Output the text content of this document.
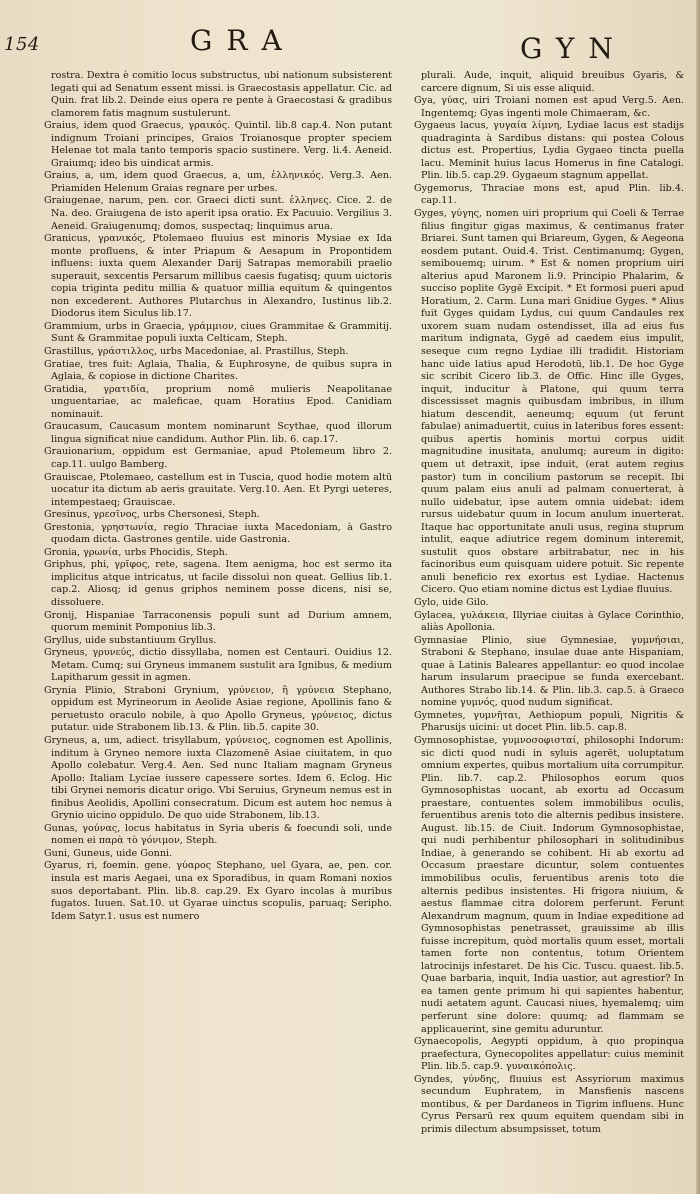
154	GRA	GYN

rostra. Dextra è comitio locus substructus, ubi nationum subsisterent legati qui ad Senatum essent missi. is Graecostasis appellatur. Cic. ad Quin. frat lib.2. Deinde eius opera re pente à Graecostasi & gradibus clamorem fatis magnum sustulerunt.

Graius, idem quod Graecus, γραικός. Quintil. lib.8 cap.4. Non putant indignum Troiani principes, Graios Troianosque propter speciem Helenae tot mala tanto temporis spacio sustinere. Verg. li.4. Aeneid. Graiumq; ideo bis uindicat armis.

Graius, a, um, idem quod Graecus, a, um, ἑλληνικός. Verg.3. Aen. Priamiden Helenum Graias regnare per urbes.

Graiugenae, narum, pen. cor. Graeci dicti sunt. ἑλληνες. Cice. 2. de Na. deo. Graiugena de isto aperit ipsa oratio. Ex Pacuuio. Vergilius 3. Aeneid. Graiugenumq; domos, suspectaq; linquimus arua.

Granicus, γρανικός, Ptolemaeo fluuius est minoris Mysiae ex Ida monte profluens, & inter Priapum & Aesapum in Propontidem influens: iuxta quem Alexander Darij Satrapas memorabili praelio superauit, sexcentis Persarum millibus caesis fugatisq; quum uictoris copia triginta peditu millia & quatuor millia equitum & quingentos non excederent. Authores Plutarchus in Alexandro, Iustinus lib.2. Diodorus item Siculus lib.17.

Grammium, urbs in Graecia, γράμμιον, ciues Grammitae & Grammitij. Sunt & Grammitae populi iuxta Celticam, Steph.

Grastillus, γράστιλλος, urbs Macedoniae, al. Prastillus, Steph.

Gratiae, tres fuit: Aglaia, Thalia, & Euphrosyne, de quibus supra in Aglaia, & copiose in dictione Charites.

Gratidia, γρατιδία, proprium nomē mulieris Neapolitanae unguentariae, ac maleficae, quam Horatius Epod. Canidiam nominauit.

Graucasum, Caucasum montem nominarunt Scythae, quod illorum lingua significat niue candidum. Author Plin. lib. 6. cap.17.

Grauionarium, oppidum est Germaniae, apud Ptolemeum libro 2. cap.11. uulgo Bamberg.

Grauiscae, Ptolemaeo, castellum est in Tuscia, quod hodie motem altū uocatur ita dictum ab aeris grauitate. Verg.10. Aen. Et Pyrgi ueteres, intempestaeq; Grauiscae.

Gresinus, γρεσῖνος, urbs Chersonesi, Steph.

Grestonia, γρηστωνία, regio Thraciae iuxta Macedoniam, à Gastro quodam dicta. Gastrones gentile. uide Gastronia.

Gronia, γρωνία, urbs Phocidis, Steph.

Griphus, phi, γρῖφος, rete, sagena. Item aenigma, hoc est sermo ita implicitus atque intricatus, ut facile dissolui non queat. Gellius lib.1. cap.2. Aliosq; id genus griphos neminem posse dicens, nisi se, dissoluere.

Gronij, Hispaniae Tarraconensis populi sunt ad Durium amnem, quorum meminit Pomponius lib.3.

Gryllus, uide substantiuum Gryllus.

Gryneus, γρυνεύς, dictio dissyllaba, nomen est Centauri. Ouidius 12. Metam. Cumq; sui Gryneus immanem sustulit ara Ignibus, & medium Lapitharum gessit in agmen.

Grynia Plinio, Straboni Grynium, γρύνειον, ἢ γρύνεια Stephano, oppidum est Myrineorum in Aeolide Asiae regione, Apollinis fano & peruetusto oraculo nobile, à quo Apollo Gryneus, γρύνειος, dictus putatur. uide Strabonem lib.13. & Plin. lib.5. capite 30.

Gryneus, a, um, adiect. trisyllabum, γρύνειος, cognomen est Apollinis, inditum à Gryneo nemore iuxta Clazomenē Asiae ciuitatem, in quo Apollo colebatur. Verg.4. Aen. Sed nunc Italiam magnam Gryneus Apollo: Italiam Lyciae iussere capessere sortes. Idem 6. Eclog. Hic tibi Grynei nemoris dicatur origo. Vbi Seruius, Gryneum nemus est in finibus Aeolidis, Apollini consecratum. Dicum est autem hoc nemus à Grynio uicino oppidulo. De quo uide Strabonem, lib.13.

Gunas, γούνας, locus habitatus in Syria uberis & foecundi soli, unde nomen ei παρὰ τὸ γόνιμον, Steph.

Guni, Guneus, uide Gonni.

Gyarus, ri, foemin. gene. γύαρος Stephano, uel Gyara, ae, pen. cor. insula est maris Aegaei, una ex Sporadibus, in quam Romani noxios suos deportabant. Plin. lib.8. cap.29. Ex Gyaro incolas à muribus fugatos. Iuuen. Sat.10. ut Gyarae uinctus scopulis, paruaq; Seripho. Idem Satyr.1. usus est numero

plurali. Aude, inquit, aliquid breuibus Gyaris, & carcere dignum, Si uis esse aliquid.

Gya, γύας, uiri Troiani nomen est apud Verg.5. Aen. Ingentemq; Gyas ingenti mole Chimaeram, &c.

Gygaeus lacus, γυγαία λίμνη, Lydiae lacus est stadijs quadraginta à Sardibus distans: qui postea Colous dictus est. Propertius, Lydia Gygaeo tincta puella lacu. Meminit huius lacus Homerus in fine Catalogi. Plin. lib.5. cap.29. Gygaeum stagnum appellat.

Gygemorus, Thraciae mons est, apud Plin. lib.4. cap.11.

Gyges, γύγης, nomen uiri proprium qui Coeli & Terrae filius fingitur gigas maximus, & centimanus frater Briarei. Sunt tamen qui Briareum, Gygen, & Aegeona eosdem putant. Ouid.4. Trist. Centimanumq; Gygen, semibouemq; uirum. * Est & nomen proprium uiri alterius apud Maronem li.9. Principio Phalarim, & succiso poplite Gygē Excipit. * Et formosi pueri apud Horatium, 2. Carm. Luna mari Gnidiue Gyges. * Alius fuit Gyges quidam Lydus, cui quum Candaules rex uxorem suam nudam ostendisset, illa ad eius fus maritum indignata, Gygē ad caedem eius impulit, seseque cum regno Lydiae illi tradidit. Historiam hanc uide latius apud Herodotū, lib.1. De hoc Gyge sic scribit Cicero lib.3. de Offic. Hinc ille Gyges, inquit, inducitur à Platone, qui quum terra discessisset magnis quibusdam imbribus, in illum hiatum descendit, aeneumq; equum (ut ferunt fabulae) animaduertit, cuius in lateribus fores essent: quibus apertis hominis mortui corpus uidit magnitudine inusitata, anulumq; aureum in digito: quem ut detraxit, ipse induit, (erat autem regius pastor) tum in concilium pastorum se recepit. Ibi quum palam eius anuli ad palmam conuerterat, à nullo uidebatur, ipse autem omnia uidebat: idem rursus uidebatur quum in locum anulum inuerterat. Itaque hac opportunitate anuli usus, regina stuprum intulit, eaque adiutrice regem dominum interemit, sustulit quos obstare arbitrabatur, nec in his facinoribus eum quisquam uidere potuit. Sic repente anuli beneficio rex exortus est Lydiae. Hactenus Cicero. Quo etiam nomine dictus est Lydiae fluuius.

Gylo, uide Gilo.

Gylacea, γυλάκεια, Illyriae ciuitas à Gylace Corinthio, aliàs Apollonia.

Gymnasiae Plinio, siue Gymnesiae, γυμνήσιαι, Straboni & Stephano, insulae duae ante Hispaniam, quae à Latinis Baleares appellantur: eo quod incolae harum insularum praecipue se funda exercebant. Authores Strabo lib.14. & Plin. lib.3. cap.5. à Graeco nomine γυμνός, quod nudum significat.

Gymnetes, γυμνῆται, Aethiopum populi, Nigritis & Pharusijs uicini: ut docet Plin. lib.5. cap.8.

Gymnosophistae, γυμνοσοφισταί, philosophi Indorum: sic dicti quod nudi in syluis agerēt, uoluptatum omnium expertes, quibus mortalium uita corrumpitur. Plin. lib.7. cap.2. Philosophos eorum quos Gymnosophistas uocant, ab exortu ad Occasum praestare, contuentes solem immobilibus oculis, feruentibus arenis toto die alternis pedibus insistere. August. lib.15. de Ciuit. Indorum Gymnosophistae, qui nudi perhibentur philosophari in solitudinibus Indiae, à generando se cohibent. Hi ab exortu ad Occasum praestare dicuntur, solem contuentes immobilibus oculis, feruentibus arenis toto die alternis pedibus insistentes. Hi frigora niuium, & aestus flammae citra dolorem perferunt. Ferunt Alexandrum magnum, quum in Indiae expeditione ad Gymnosophistas penetrasset, grauissime ab illis fuisse increpitum, quòd mortalis quum esset, mortali tamen forte non contentus, totum Orientem latrocinijs infestaret. De his Cic. Tuscu. quaest. lib.5. Quae barbaria, inquit, India uastior, aut agrestior? In ea tamen gente primum hi qui sapientes habentur, nudi aetatem agunt. Caucasi niues, hyemalemq; uim perferunt sine dolore: quumq; ad flammam se applicauerint, sine gemitu aduruntur.

Gynaecopolis, Aegypti oppidum, à quo propinqua praefectura, Gynecopolites appellatur: cuius meminit Plin. lib.5. cap.9. γυναικόπολις.

Gyndes, γύνδης, fluuius est Assyriorum maximus secundum Euphratem, in Mansfienis nascens montibus, & per Dardaneos in Tigrim influens. Hunc Cyrus Persarū rex quum equitem quendam sibi in primis dilectum absumpsisset, totum
